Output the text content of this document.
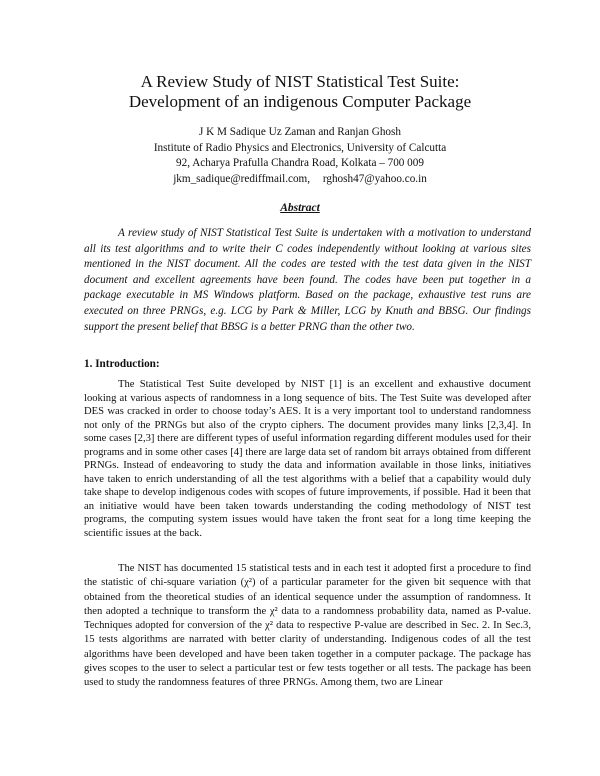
A Review Study of NIST Statistical Test Suite:
Development of an indigenous Computer Package
J K M Sadique Uz Zaman and Ranjan Ghosh
Institute of Radio Physics and Electronics, University of Calcutta
92, Acharya Prafulla Chandra Road, Kolkata – 700 009
jkm_sadique@rediffmail.com, rghosh47@yahoo.co.in
Abstract

A review study of NIST Statistical Test Suite is undertaken with a motivation to understand all its test algorithms and to write their C codes independently without looking at various sites mentioned in the NIST document. All the codes are tested with the test data given in the NIST document and excellent agreements have been found. The codes have been put together in a package executable in MS Windows platform. Based on the package, exhaustive test runs are executed on three PRNGs, e.g. LCG by Park & Miller, LCG by Knuth and BBSG. Our findings support the present belief that BBSG is a better PRNG than the other two.

1. Introduction:

The Statistical Test Suite developed by NIST [1] is an excellent and exhaustive document looking at various aspects of randomness in a long sequence of bits. The Test Suite was developed after DES was cracked in order to choose today’s AES. It is a very important tool to understand randomness not only of the PRNGs but also of the crypto ciphers. The document provides many links [2,3,4]. In some cases [2,3] there are different types of useful information regarding different modules used for their programs and in some other cases [4] there are large data set of random bit arrays obtained from different PRNGs. Instead of endeavoring to study the data and information available in those links, initiatives have taken to enrich understanding of all the test algorithms with a belief that a capability would duly take shape to develop indigenous codes with scopes of future improvements, if possible. Had it been that an initiative would have been taken towards understanding the coding methodology of NIST test programs, the computing system issues would have taken the front seat for a long time keeping the scientific issues at the back.

The NIST has documented 15 statistical tests and in each test it adopted first a procedure to find the statistic of chi-square variation (χ²) of a particular parameter for the given bit sequence with that obtained from the theoretical studies of an identical sequence under the assumption of randomness. It then adopted a technique to transform the χ² data to a randomness probability data, named as P-value. Techniques adopted for conversion of the χ² data to respective P-value are described in Sec. 2. In Sec.3, 15 tests algorithms are narrated with better clarity of understanding. Indigenous codes of all the test algorithms have been developed and have been taken together in a computer package. The package has gives scopes to the user to select a particular test or few tests together or all tests. The package has been used to study the randomness features of three PRNGs. Among them, two are Linear
